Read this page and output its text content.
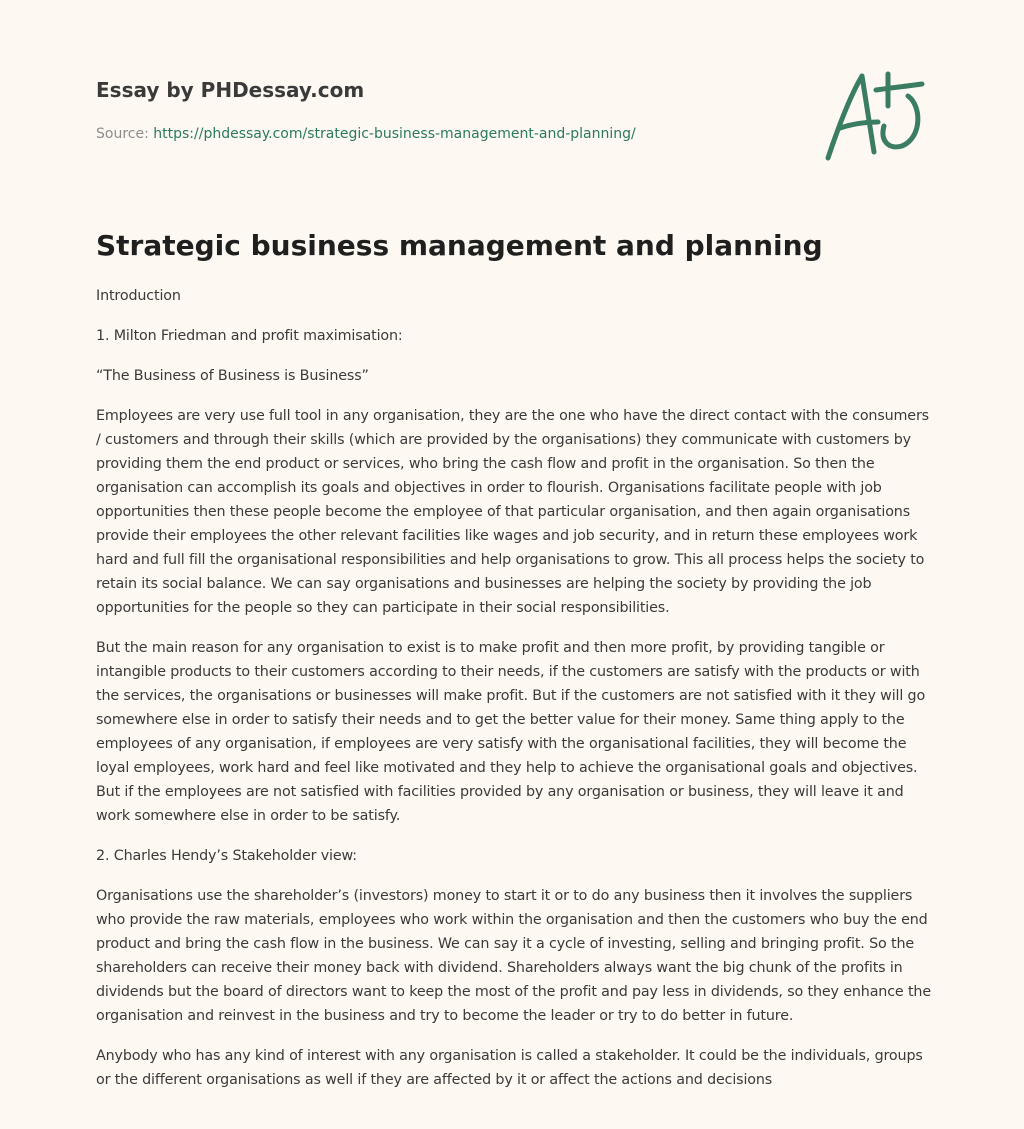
Essay by PHDessay.com
Source: https://phdessay.com/strategic-business-management-and-planning/
Strategic business management and planning

Introduction

1. Milton Friedman and profit maximisation:

“The Business of Business is Business”

Employees are very use full tool in any organisation, they are the one who have the direct contact with the consumers / customers and through their skills (which are provided by the organisations) they communicate with customers by providing them the end product or services, who bring the cash flow and profit in the organisation. So then the organisation can accomplish its goals and objectives in order to flourish. Organisations facilitate people with job opportunities then these people become the employee of that particular organisation, and then again organisations provide their employees the other relevant facilities like wages and job security, and in return these employees work hard and full fill the organisational responsibilities and help organisations to grow. This all process helps the society to retain its social balance. We can say organisations and businesses are helping the society by providing the job opportunities for the people so they can participate in their social responsibilities.

But the main reason for any organisation to exist is to make profit and then more profit, by providing tangible or intangible products to their customers according to their needs, if the customers are satisfy with the products or with the services, the organisations or businesses will make profit. But if the customers are not satisfied with it they will go somewhere else in order to satisfy their needs and to get the better value for their money. Same thing apply to the employees of any organisation, if employees are very satisfy with the organisational facilities, they will become the loyal employees, work hard and feel like motivated and they help to achieve the organisational goals and objectives. But if the employees are not satisfied with facilities provided by any organisation or business, they will leave it and work somewhere else in order to be satisfy.

2. Charles Hendy’s Stakeholder view:

Organisations use the shareholder’s (investors) money to start it or to do any business then it involves the suppliers who provide the raw materials, employees who work within the organisation and then the customers who buy the end product and bring the cash flow in the business. We can say it a cycle of investing, selling and bringing profit. So the shareholders can receive their money back with dividend. Shareholders always want the big chunk of the profits in dividends but the board of directors want to keep the most of the profit and pay less in dividends, so they enhance the organisation and reinvest in the business and try to become the leader or try to do better in future.

Anybody who has any kind of interest with any organisation is called a stakeholder. It could be the individuals, groups or the different organisations as well if they are affected by it or affect the actions and decisions
